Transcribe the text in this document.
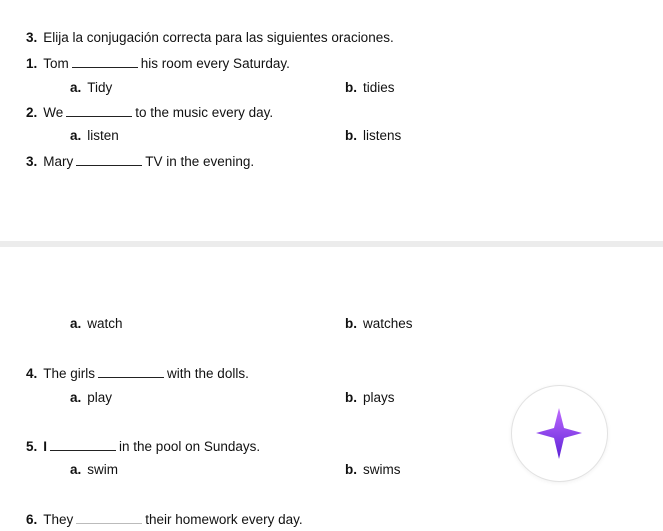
3. Elija la conjugación correcta para las siguientes oraciones.
1. Tom	his room every Saturday.
a. Tidy	b. tidies
2. We	to the music every day.
a. listen	b. listens
3. Mary	TV in the evening.
a. watch	b. watches
4. The girls	with the dolls.
a. play	b. plays
5. I	in the pool on Sundays.
a. swim	b. swims
6. They	their homework every day.
